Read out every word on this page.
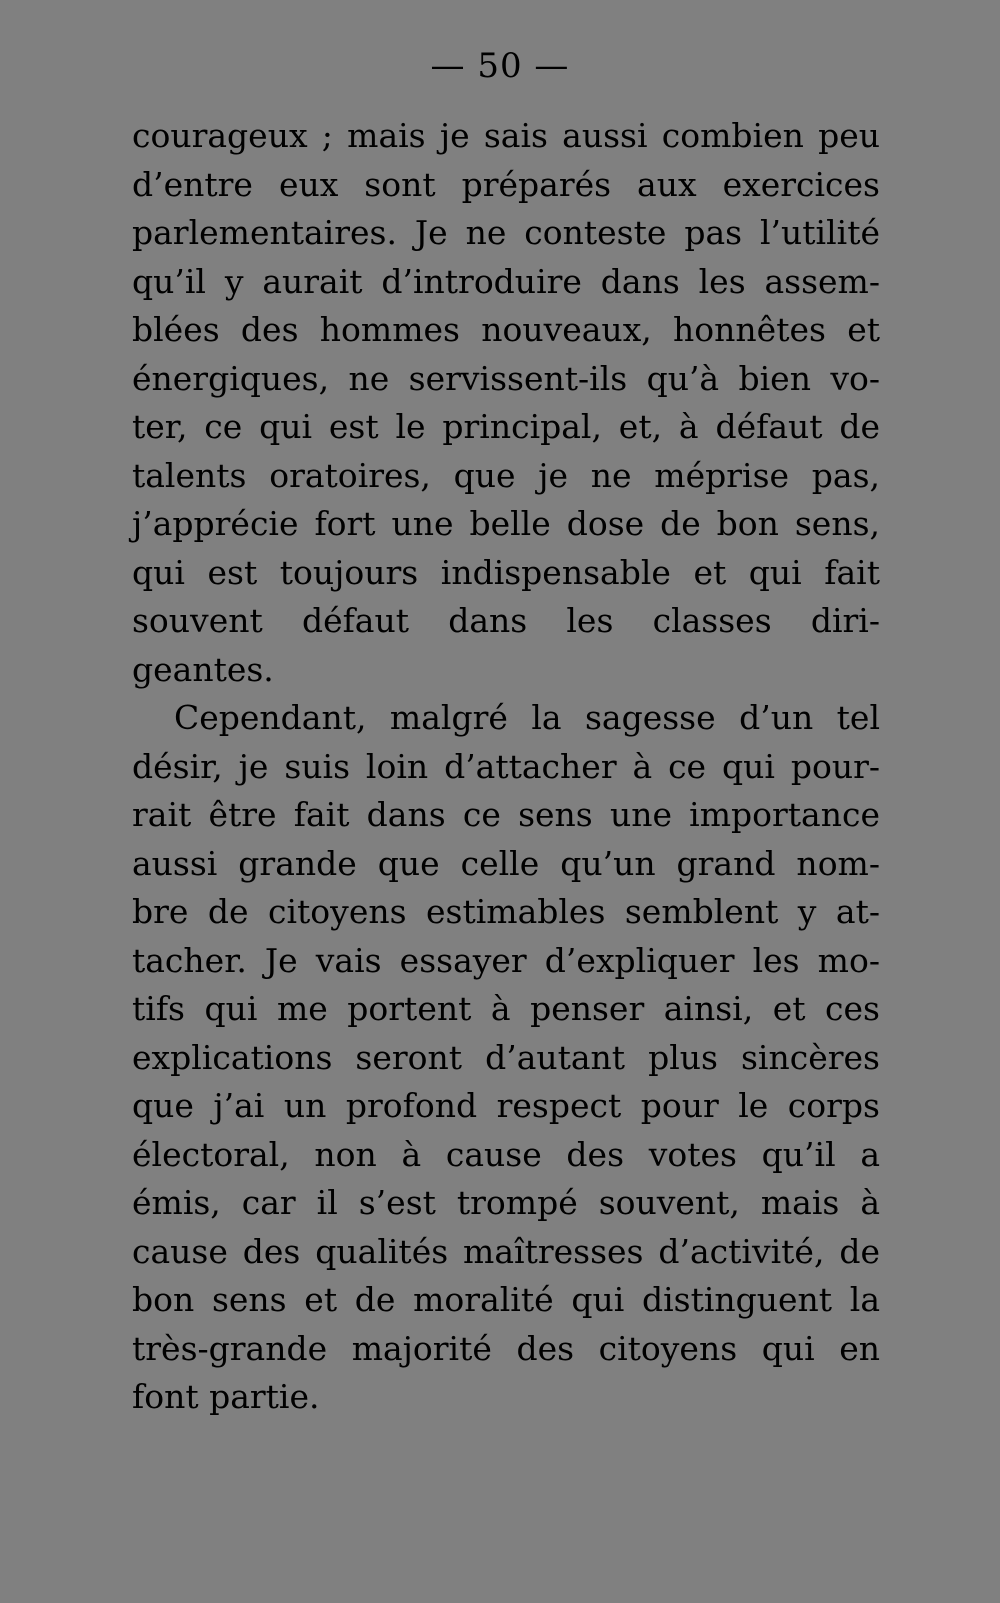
— 50 —
courageux ; mais je sais aussi combien peu
d’entre eux sont préparés aux exercices
parlementaires. Je ne conteste pas l’utilité
qu’il y aurait d’introduire dans les assem-
blées des hommes nouveaux, honnêtes et
énergiques, ne servissent-ils qu’à bien vo-
ter, ce qui est le principal, et, à défaut de
talents oratoires, que je ne méprise pas,
j’apprécie fort une belle dose de bon sens,
qui est toujours indispensable et qui fait
souvent défaut dans les classes diri-
geantes.
Cependant, malgré la sagesse d’un tel
désir, je suis loin d’attacher à ce qui pour-
rait être fait dans ce sens une importance
aussi grande que celle qu’un grand nom-
bre de citoyens estimables semblent y at-
tacher. Je vais essayer d’expliquer les mo-
tifs qui me portent à penser ainsi, et ces
explications seront d’autant plus sincères
que j’ai un profond respect pour le corps
électoral, non à cause des votes qu’il a
émis, car il s’est trompé souvent, mais à
cause des qualités maîtresses d’activité, de
bon sens et de moralité qui distinguent la
très-grande majorité des citoyens qui en
font partie.
